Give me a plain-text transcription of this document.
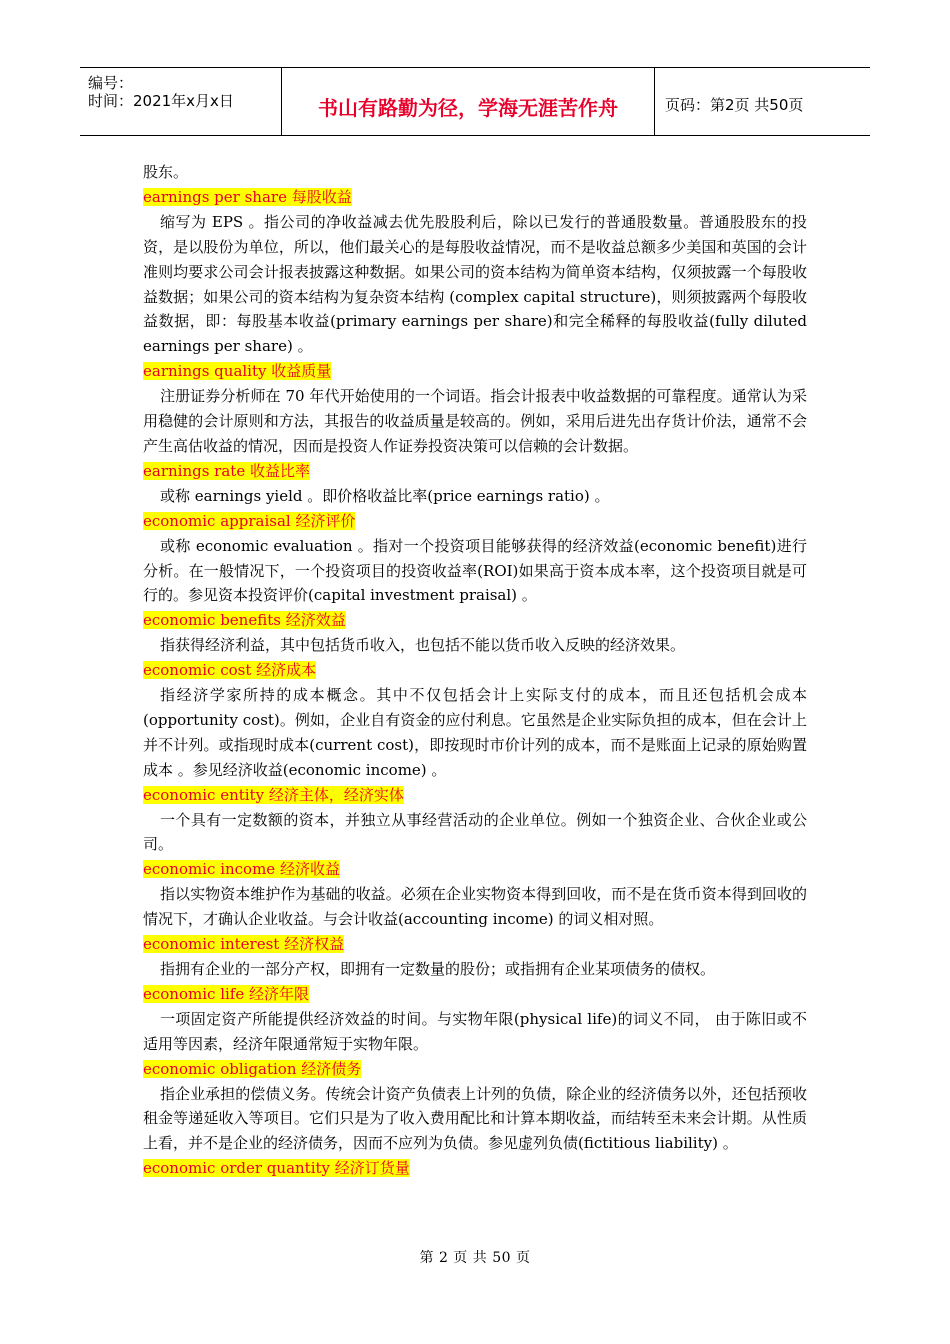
编号：
时间：2021年x月x日	书山有路勤为径，学海无涯苦作舟	页码：第2页 共50页

股东。

earnings per share 每股收益

缩写为 EPS 。指公司的净收益减去优先股股利后，除以已发行的普通股数量。普通股股东的投资，是以股份为单位，所以，他们最关心的是每股收益情况，而不是收益总额多少美国和英国的会计准则均要求公司会计报表披露这种数据。如果公司的资本结构为简单资本结构，仅须披露一个每股收益数据；如果公司的资本结构为复杂资本结构 (complex capital structure)，则须披露两个每股收益数据，即：每股基本收益(primary earnings per share)和完全稀释的每股收益(fully diluted earnings per share) 。

earnings quality 收益质量

注册证券分析师在 70 年代开始使用的一个词语。指会计报表中收益数据的可靠程度。通常认为采用稳健的会计原则和方法，其报告的收益质量是较高的。例如，采用后进先出存货计价法，通常不会产生高估收益的情况，因而是投资人作证券投资决策可以信赖的会计数据。

earnings rate 收益比率

或称 earnings yield 。即价格收益比率(price earnings ratio) 。

economic appraisal 经济评价

或称 economic evaluation 。指对一个投资项目能够获得的经济效益(economic benefit)进行分析。在一般情况下，一个投资项目的投资收益率(ROI)如果高于资本成本率，这个投资项目就是可行的。参见资本投资评价(capital investment praisal) 。

economic benefits 经济效益

指获得经济利益，其中包括货币收入，也包括不能以货币收入反映的经济效果。

economic cost 经济成本

指经济学家所持的成本概念。其中不仅包括会计上实际支付的成本，而且还包括机会成本(opportunity cost)。例如，企业自有资金的应付利息。它虽然是企业实际负担的成本，但在会计上并不计列。或指现时成本(current cost)，即按现时市价计列的成本，而不是账面上记录的原始购置成本 。参见经济收益(economic income) 。

economic entity 经济主体，经济实体

一个具有一定数额的资本，并独立从事经营活动的企业单位。例如一个独资企业、合伙企业或公司。

economic income 经济收益

指以实物资本维护作为基础的收益。必须在企业实物资本得到回收，而不是在货币资本得到回收的情况下，才确认企业收益。与会计收益(accounting income) 的词义相对照。

economic interest 经济权益

指拥有企业的一部分产权，即拥有一定数量的股份；或指拥有企业某项债务的债权。

economic life 经济年限

一项固定资产所能提供经济效益的时间。与实物年限(physical life)的词义不同， 由于陈旧或不适用等因素，经济年限通常短于实物年限。

economic obligation 经济债务

指企业承担的偿债义务。传统会计资产负债表上计列的负债，除企业的经济债务以外，还包括预收租金等递延收入等项目。它们只是为了收入费用配比和计算本期收益，而结转至未来会计期。从性质上看，并不是企业的经济债务，因而不应列为负债。参见虚列负债(fictitious liability) 。

economic order quantity 经济订货量

第 2 页 共 50 页
